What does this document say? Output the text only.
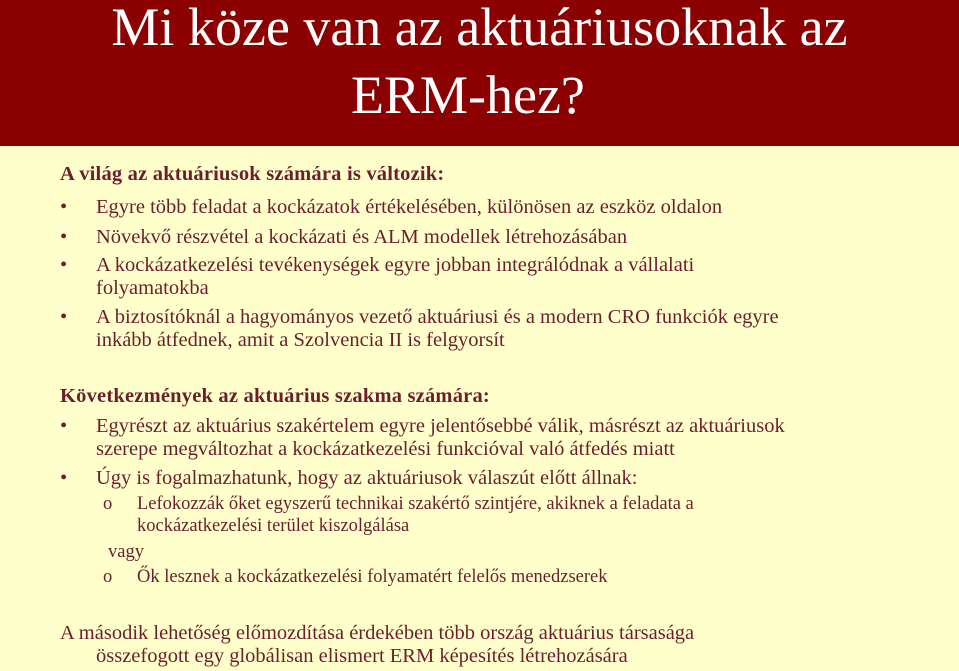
Mi köze van az aktuáriusoknak az
ERM-hez?
A világ az aktuáriusok számára is változik:
• Egyre több feladat a kockázatok értékelésében, különösen az eszköz oldalon
• Növekvő részvétel a kockázati és ALM modellek létrehozásában
• A kockázatkezelési tevékenységek egyre jobban integrálódnak a vállalati
folyamatokba
• A biztosítóknál a hagyományos vezető aktuáriusi és a modern CRO funkciók egyre
inkább átfednek, amit a Szolvencia II is felgyorsít
Következmények az aktuárius szakma számára:
• Egyrészt az aktuárius szakértelem egyre jelentősebbé válik, másrészt az aktuáriusok
szerepe megváltozhat a kockázatkezelési funkcióval való átfedés miatt
• Úgy is fogalmazhatunk, hogy az aktuáriusok válaszút előtt állnak:
o Lefokozzák őket egyszerű technikai szakértő szintjére, akiknek a feladata a
kockázatkezelési terület kiszolgálása
vagy
o Ők lesznek a kockázatkezelési folyamatért felelős menedzserek
A második lehetőség előmozdítása érdekében több ország aktuárius társasága
összefogott egy globálisan elismert ERM képesítés létrehozására
